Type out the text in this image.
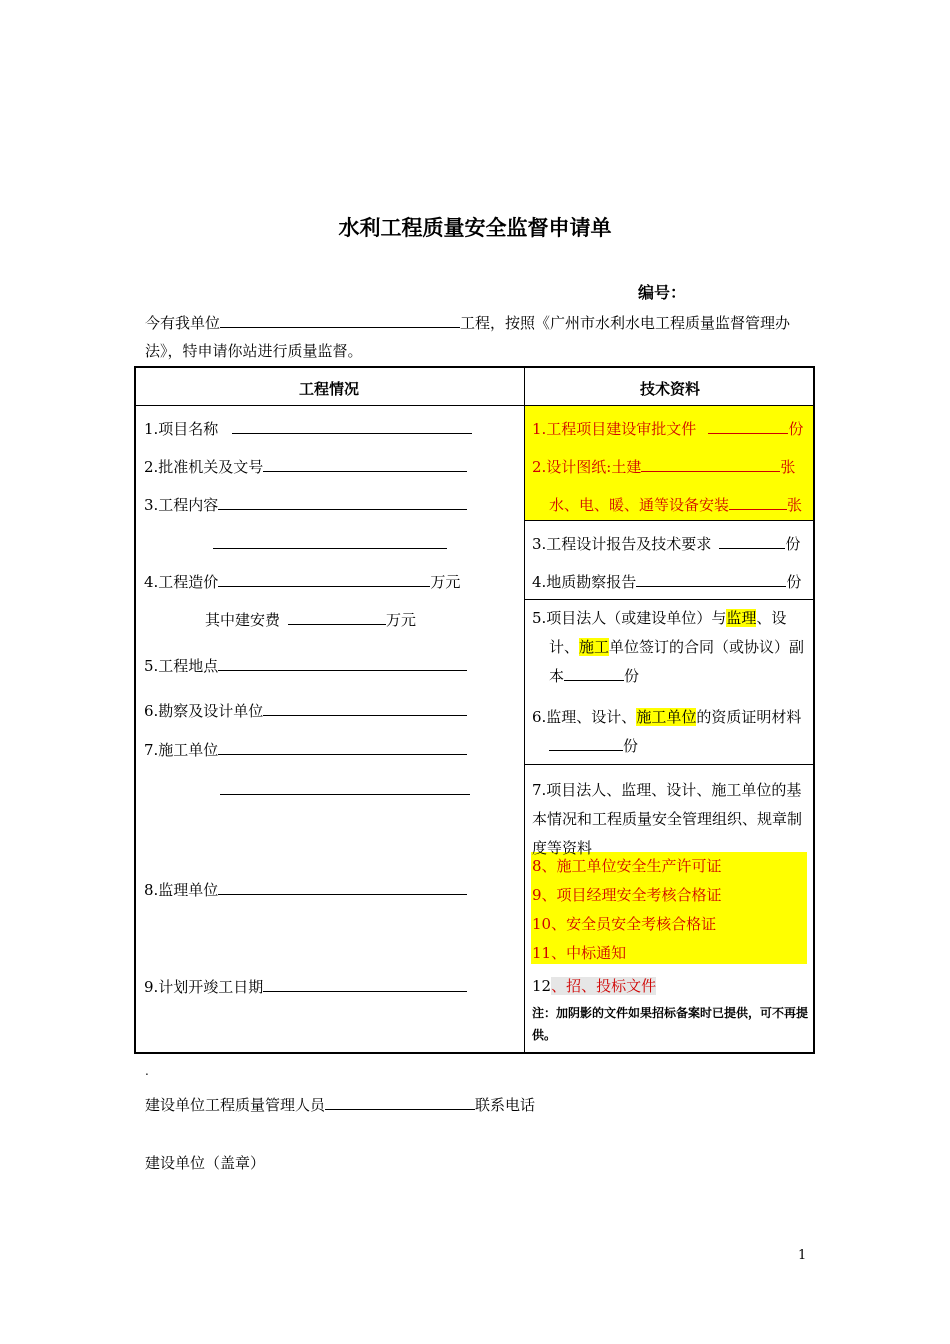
水利工程质量安全监督申请单
编号：
今有我单位	工程，按照《广州市水利水电工程质量监督管理办法》，特申请你站进行质量监督。
工程情况	技术资料
1.项目名称
2.批准机关及文号
3.工程内容
4.工程造价	万元
其中建安费	万元
5.工程地点
6.勘察及设计单位
7.施工单位
8.监理单位
9.计划开竣工日期
1.工程项目建设审批文件	份
2.设计图纸:土建	张
水、电、暖、通等设备安装	张
3.工程设计报告及技术要求	份
4.地质勘察报告	份
5.项目法人（或建设单位）与监理、设
计、施工单位签订的合同（或协议）副
本	份
6.监理、设计、施工单位的资质证明材料
份
7.项目法人、监理、设计、施工单位的基本情况和工程质量安全管理组织、规章制度等资料
8、施工单位安全生产许可证
9、项目经理安全考核合格证
10、安全员安全考核合格证
11、中标通知
12、招、投标文件
注：加阴影的文件如果招标备案时已提供，可不再提供。
.
建设单位工程质量管理人员	联系电话
建设单位（盖章）
1
